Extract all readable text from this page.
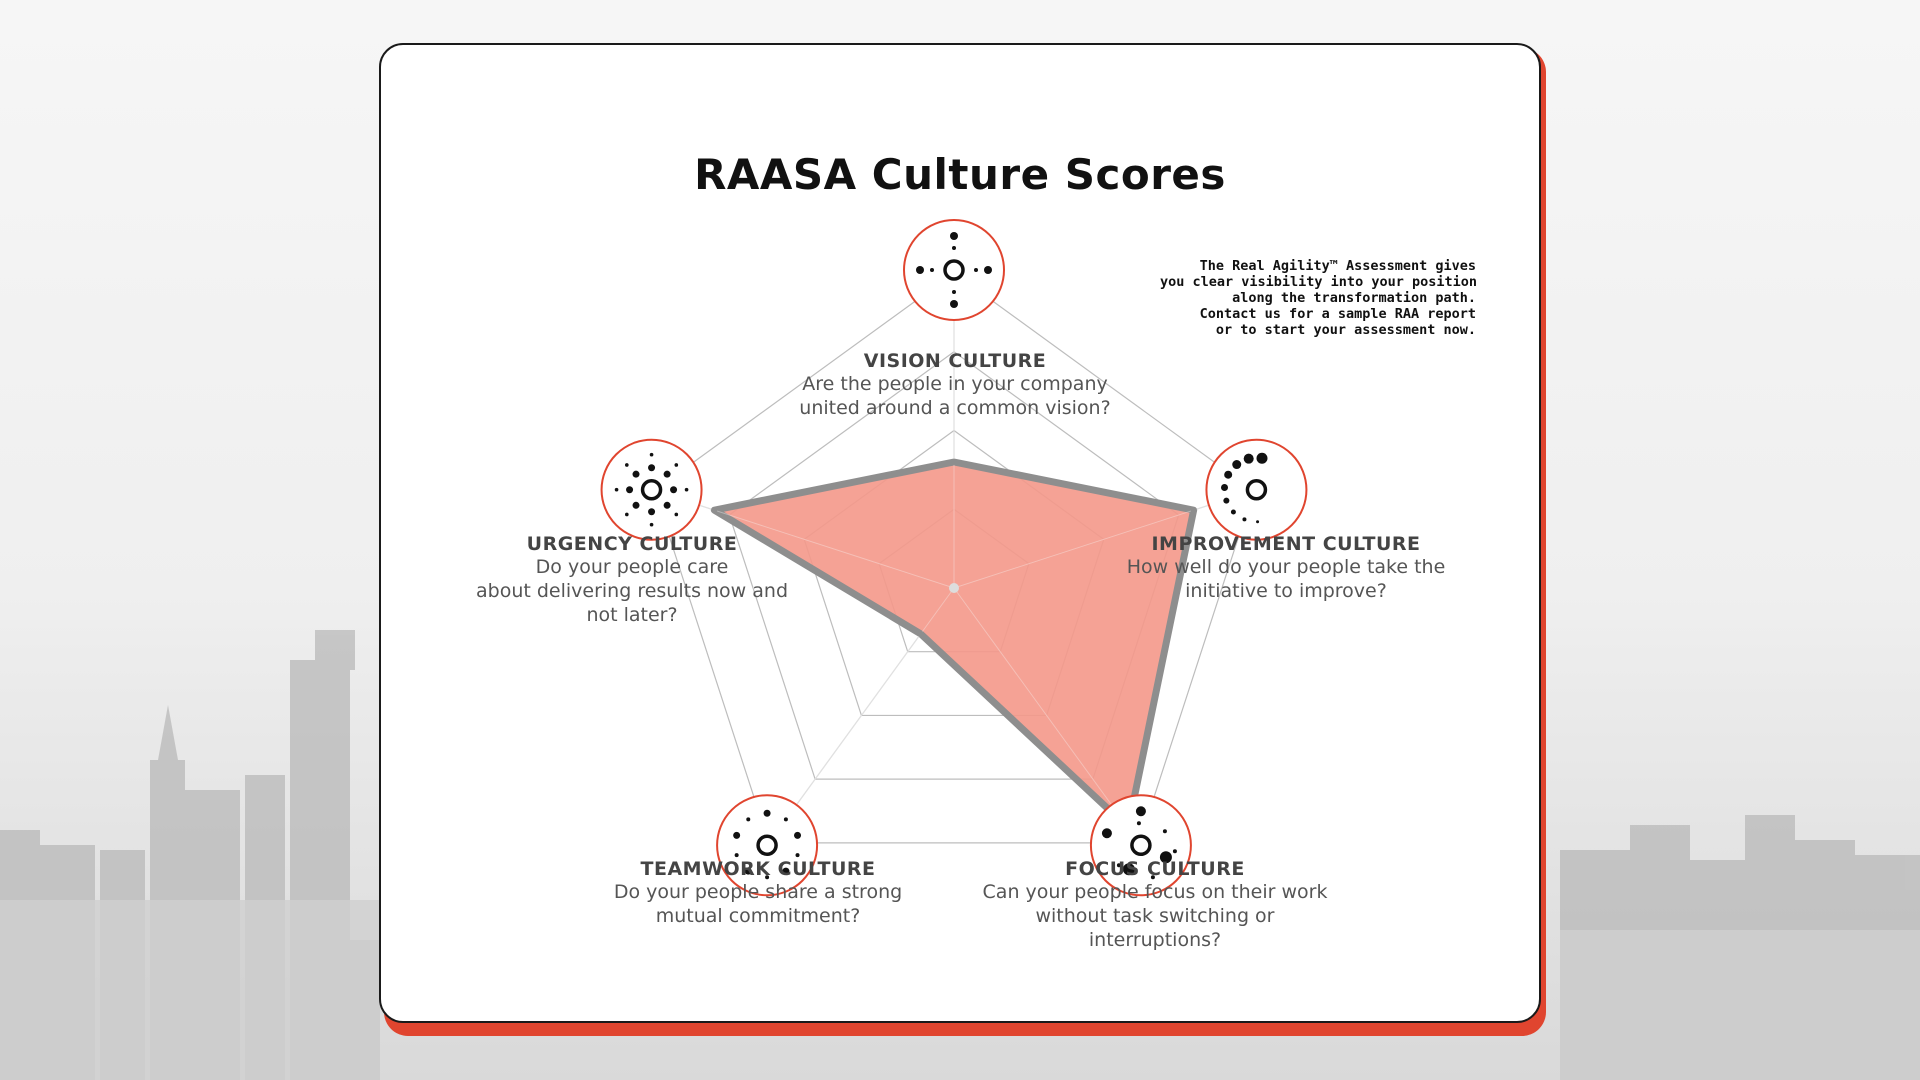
RAASA Culture Scores
The Real Agility™ Assessment gives
you clear visibility into your position
along the transformation path.
Contact us for a sample RAA report
or to start your assessment now.
VISION CULTURE
Are the people in your company
united around a common vision?
IMPROVEMENT CULTURE
How well do your people take the
initiative to improve?
FOCUS CULTURE
Can your people focus on their work
without task switching or
interruptions?
TEAMWORK CULTURE
Do your people share a strong
mutual commitment?
URGENCY CULTURE
Do your people care
about delivering results now and
not later?
